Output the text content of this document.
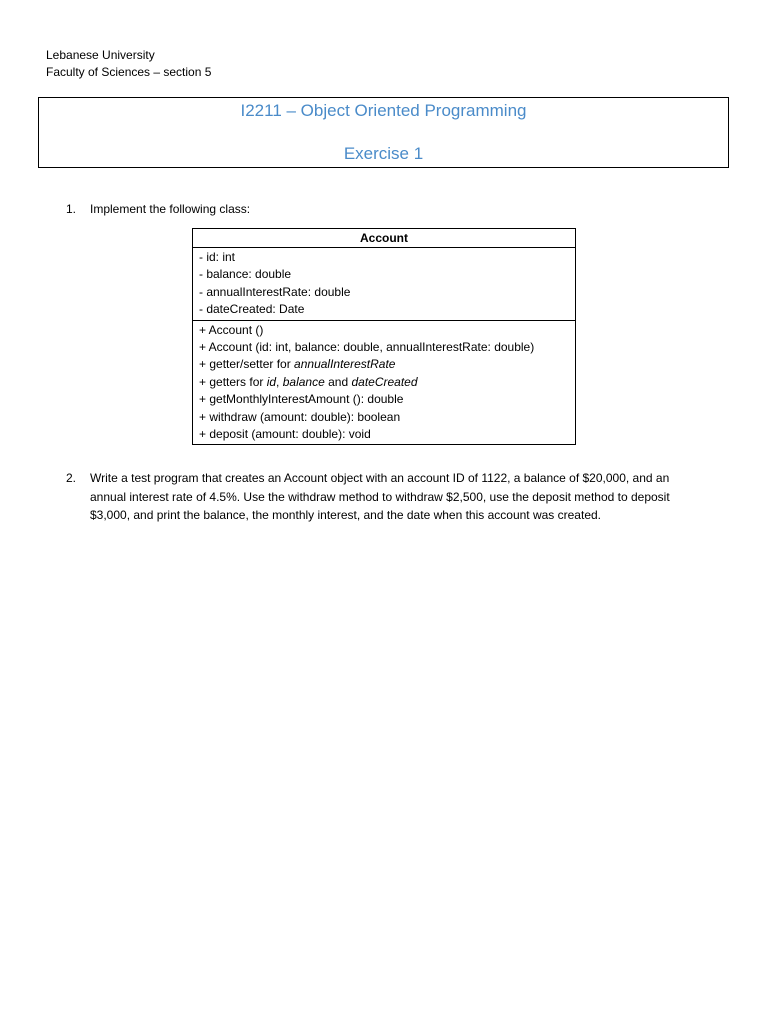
Lebanese University
Faculty of Sciences – section 5
I2211 – Object Oriented Programming
Exercise 1
1. Implement the following class:
Account
- id: int
- balance: double
- annualInterestRate: double
- dateCreated: Date
+ Account ()
+ Account (id: int, balance: double, annualInterestRate: double)
+ getter/setter for annualInterestRate
+ getters for id, balance and dateCreated
+ getMonthlyInterestAmount (): double
+ withdraw (amount: double): boolean
+ deposit (amount: double): void
2. Write a test program that creates an Account object with an account ID of 1122, a balance of $20,000, and an
annual interest rate of 4.5%. Use the withdraw method to withdraw $2,500, use the deposit method to deposit
$3,000, and print the balance, the monthly interest, and the date when this account was created.
